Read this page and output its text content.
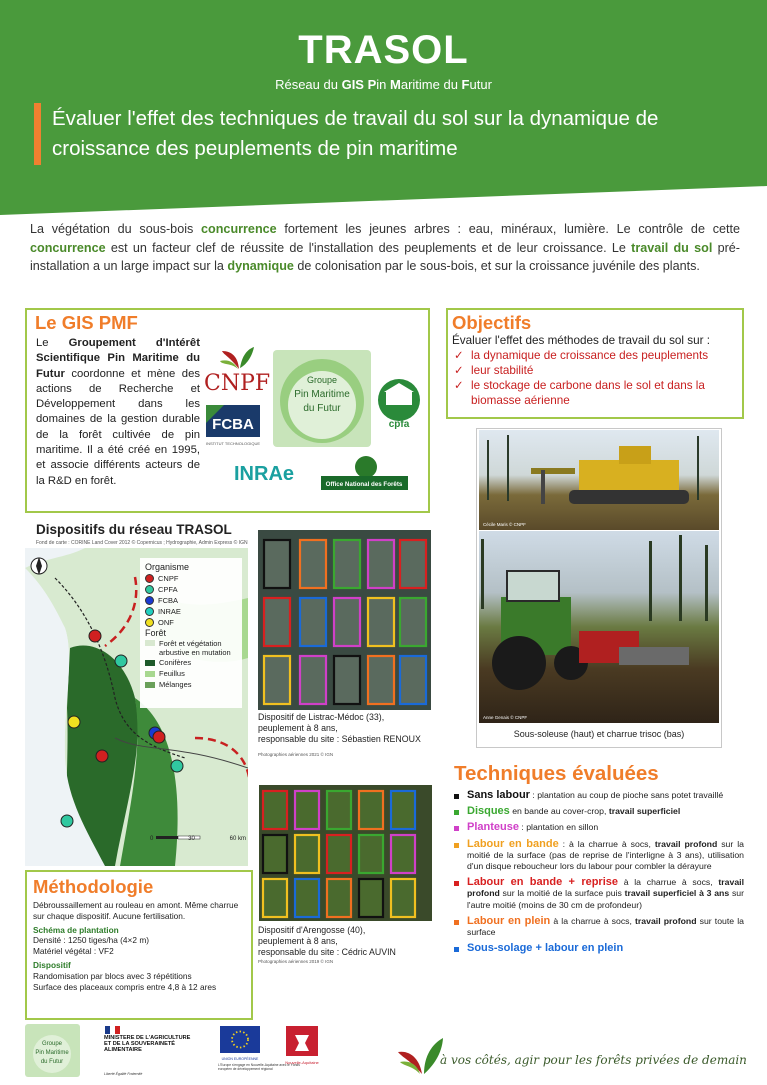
TRASOL
Réseau du GIS Pin Maritime du Futur
Évaluer l'effet des techniques de travail du sol sur la dynamique de croissance des peuplements de pin maritime
La végétation du sous-bois concurrence fortement les jeunes arbres : eau, minéraux, lumière. Le contrôle de cette concurrence est un facteur clef de réussite de l'installation des peuplements et de leur croissance. Le travail du sol pré-installation a un large impact sur la dynamique de colonisation par le sous-bois, et sur la croissance juvénile des plants.
Le GIS PMF
Le Groupement d'Intérêt Scientifique Pin Maritime du Futur coordonne et mène des actions de Recherche et Développement dans les domaines de la gestion durable de la forêt cultivée de pin maritime. Il a été créé en 1995, et associe différents acteurs de la R&D en forêt.
CNPF
FCBA
INSTITUT TECHNOLOGIQUE
Groupe
Pin Maritime
du Futur
cpfa
INRAe	Office National des Forêts
Objectifs
Évaluer l'effet des méthodes de travail du sol sur :
✓ la dynamique de croissance des peuplements
✓ leur stabilité
✓ le stockage de carbone dans le sol et dans la biomasse aérienne
Cécile Maris © CNPF
Anne Genais © CNPF
Sous-soleuse (haut) et charrue trisoc (bas)
Dispositifs du réseau TRASOL
Fond de carte : CORINE Land Cover 2012 © Copernicus ; Hydrographie, Admin Express © IGN
Organisme
CNPF
CPFA
FCBA
INRAE
ONF
Forêt
Forêt et végétation arbustive en mutation
Conifères
Feuillus
Mélanges
0	30	60 km
Dispositif de Listrac-Médoc (33),
peuplement à 8 ans,
responsable du site : Sébastien RENOUX
Photographies aériennes 2021 © IGN
Dispositif d'Arengosse (40),
peuplement à 8 ans,
responsable du site : Cédric AUVIN
Photographies aériennes 2019 © IGN
Méthodologie
Débroussaillement au rouleau en amont. Même charrue sur chaque dispositif. Aucune fertilisation.
Schéma de plantation
Densité : 1250 tiges/ha (4×2 m)
Matériel végétal : VF2
Dispositif
Randomisation par blocs avec 3 répétitions
Surface des placeaux compris entre 4,8 à 12 ares
Techniques évaluées
Sans labour : plantation au coup de pioche sans potet travaillé
Disques en bande au cover-crop, travail superficiel
Planteuse : plantation en sillon
Labour en bande : à la charrue à socs, travail profond sur la moitié de la surface (pas de reprise de l'interligne à 3 ans), utilisation d'un disque reboucheur lors du labour pour combler la dérayure
Labour en bande + reprise à la charrue à socs, travail profond sur la moitié de la surface puis travail superficiel à 3 ans sur l'autre moitié (moins de 30 cm de profondeur)
Labour en plein à la charrue à socs, travail profond sur toute la surface
Sous-solage + labour en plein
Groupe
Pin Maritime
du Futur
MINISTÈRE DE L'AGRICULTURE ET DE LA SOUVERAINETÉ ALIMENTAIRE
Liberté Égalité Fraternité
UNION EUROPÉENNE
L'Europe s'engage en Nouvelle-Aquitaine avec le Fonds européen de développement régional
Nouvelle-Aquitaine	à vos côtés, agir pour les forêts privées de demain
